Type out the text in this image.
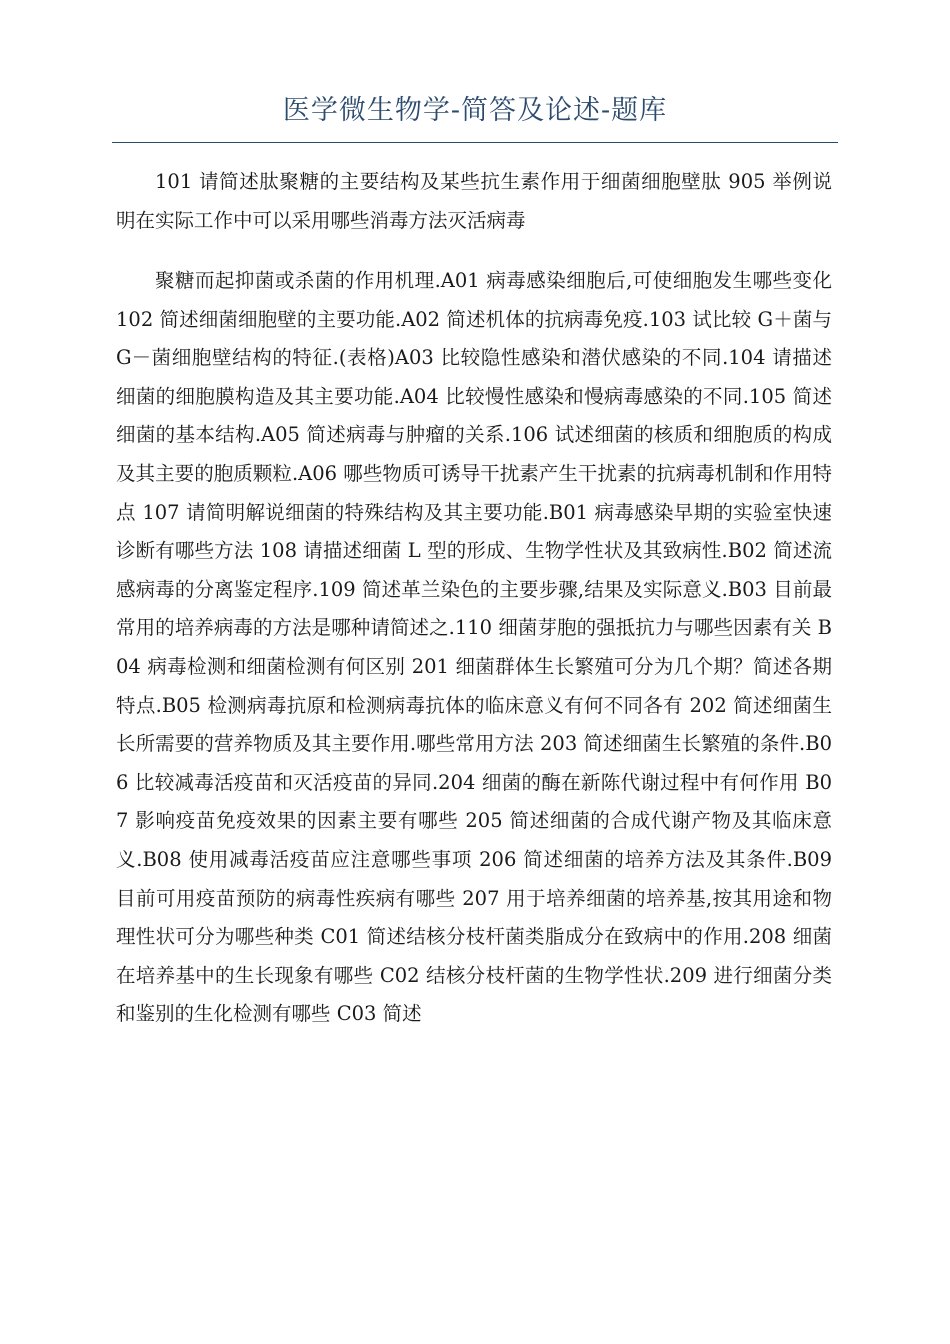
医学微生物学-简答及论述-题库

101 请简述肽聚糖的主要结构及某些抗生素作用于细菌细胞壁肽 905 举例说明在实际工作中可以采用哪些消毒方法灭活病毒

聚糖而起抑菌或杀菌的作用机理.A01 病毒感染细胞后,可使细胞发生哪些变化 102 简述细菌细胞壁的主要功能.A02 简述机体的抗病毒免疫.103 试比较 G＋菌与 G－菌细胞壁结构的特征.(表格)A03 比较隐性感染和潜伏感染的不同.104 请描述细菌的细胞膜构造及其主要功能.A04 比较慢性感染和慢病毒感染的不同.105 简述细菌的基本结构.A05 简述病毒与肿瘤的关系.106 试述细菌的核质和细胞质的构成及其主要的胞质颗粒.A06 哪些物质可诱导干扰素产生干扰素的抗病毒机制和作用特点 107 请简明解说细菌的特殊结构及其主要功能.B01 病毒感染早期的实验室快速诊断有哪些方法 108 请描述细菌 L 型的形成、生物学性状及其致病性.B02 简述流感病毒的分离鉴定程序.109 简述革兰染色的主要步骤,结果及实际意义.B03 目前最常用的培养病毒的方法是哪种请简述之.110 细菌芽胞的强抵抗力与哪些因素有关 B04 病毒检测和细菌检测有何区别 201 细菌群体生长繁殖可分为几个期？简述各期特点.B05 检测病毒抗原和检测病毒抗体的临床意义有何不同各有 202 简述细菌生长所需要的营养物质及其主要作用.哪些常用方法 203 简述细菌生长繁殖的条件.B06 比较减毒活疫苗和灭活疫苗的异同.204 细菌的酶在新陈代谢过程中有何作用 B07 影响疫苗免疫效果的因素主要有哪些 205 简述细菌的合成代谢产物及其临床意义.B08 使用减毒活疫苗应注意哪些事项 206 简述细菌的培养方法及其条件.B09 目前可用疫苗预防的病毒性疾病有哪些 207 用于培养细菌的培养基,按其用途和物理性状可分为哪些种类 C01 简述结核分枝杆菌类脂成分在致病中的作用.208 细菌在培养基中的生长现象有哪些 C02 结核分枝杆菌的生物学性状.209 进行细菌分类和鉴别的生化检测有哪些 C03 简述
